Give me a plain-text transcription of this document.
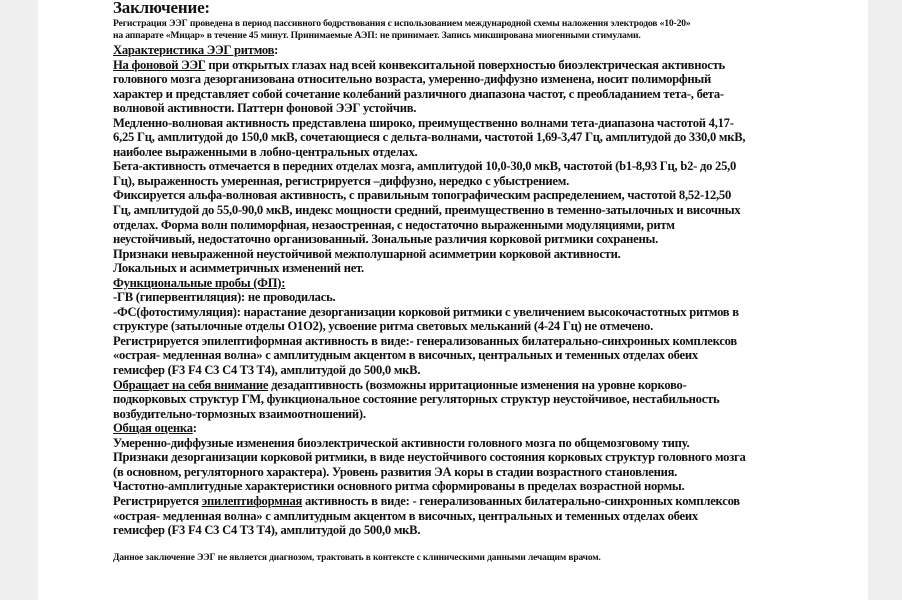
Заключение:
Регистрация ЭЭГ проведена в период пассивного бодрствования с использованием международной схемы наложения электродов «10-20»
на аппарате «Мицар» в течение 45 минут. Принимаемые АЭП: не принимает. Запись микширована миогенными стимулами.
Характеристика ЭЭГ ритмов:
На фоновой ЭЭГ при открытых глазах над всей конвекситальной поверхностью биоэлектрическая активность
головного мозга дезорганизована относительно возраста, умеренно-диффузно изменена, носит полиморфный
характер и представляет собой сочетание колебаний различного диапазона частот, с преобладанием тета-, бета-
волновой активности. Паттерн фоновой ЭЭГ устойчив.
Медленно-волновая активность представлена широко, преимущественно волнами тета-диапазона частотой 4,17-
6,25 Гц, амплитудой до 150,0 мкВ, сочетающиеся с дельта-волнами, частотой 1,69-3,47 Гц, амплитудой до 330,0 мкВ,
наиболее выраженными в лобно-центральных отделах.
Бета-активность отмечается в передних отделах мозга, амплитудой 10,0-30,0 мкВ, частотой (b1-8,93 Гц, b2- до 25,0
Гц), выраженность умеренная, регистрируется –диффузно, нередко с убыстрением.
Фиксируется альфа-волновая активность, с правильным топографическим распределением, частотой 8,52-12,50
Гц, амплитудой до 55,0-90,0 мкВ, индекс мощности средний, преимущественно в теменно-затылочных и височных
отделах. Форма волн полиморфная, незаостренная, с недостаточно выраженными модуляциями, ритм
неустойчивый, недостаточно организованный. Зональные различия корковой ритмики сохранены.
Признаки невыраженной неустойчивой межполушарной асимметрии корковой активности.
Локальных и асимметричных изменений нет.
Функциональные пробы (ФП):
-ГВ (гипервентиляция): не проводилась.
-ФС(фотостимуляция): нарастание дезорганизации корковой ритмики с увеличением высокочастотных ритмов в
структуре (затылочные отделы О1О2), усвоение ритма световых мельканий (4-24 Гц) не отмечено.
Регистрируется эпилептиформная активность в виде:- генерализованных билатерально-синхронных комплексов
«острая- медленная волна» с амплитудным акцентом в височных, центральных и теменных отделах обеих
гемисфер (F3 F4 C3 C4 T3 T4), амплитудой до 500,0 мкВ.
Обращает на себя внимание дезадаптивность (возможны ирритационные изменения на уровне корково-
подкорковых структур ГМ, функциональное состояние регуляторных структур неустойчивое, нестабильность
возбудительно-тормозных взаимоотношений).
Общая оценка:
Умеренно-диффузные изменения биоэлектрической активности головного мозга по общемозговому типу.
Признаки дезорганизации корковой ритмики, в виде неустойчивого состояния корковых структур головного мозга
(в основном, регуляторного характера). Уровень развития ЭА коры в стадии возрастного становления.
Частотно-амплитудные характеристики основного ритма сформированы в пределах возрастной нормы.
Регистрируется эпилептиформная активность в виде: - генерализованных билатерально-синхронных комплексов
«острая- медленная волна» с амплитудным акцентом в височных, центральных и теменных отделах обеих
гемисфер (F3 F4 C3 C4 T3 T4), амплитудой до 500,0 мкВ.
Данное заключение ЭЭГ не является диагнозом, трактовать в контексте с клиническими данными лечащим врачом.
